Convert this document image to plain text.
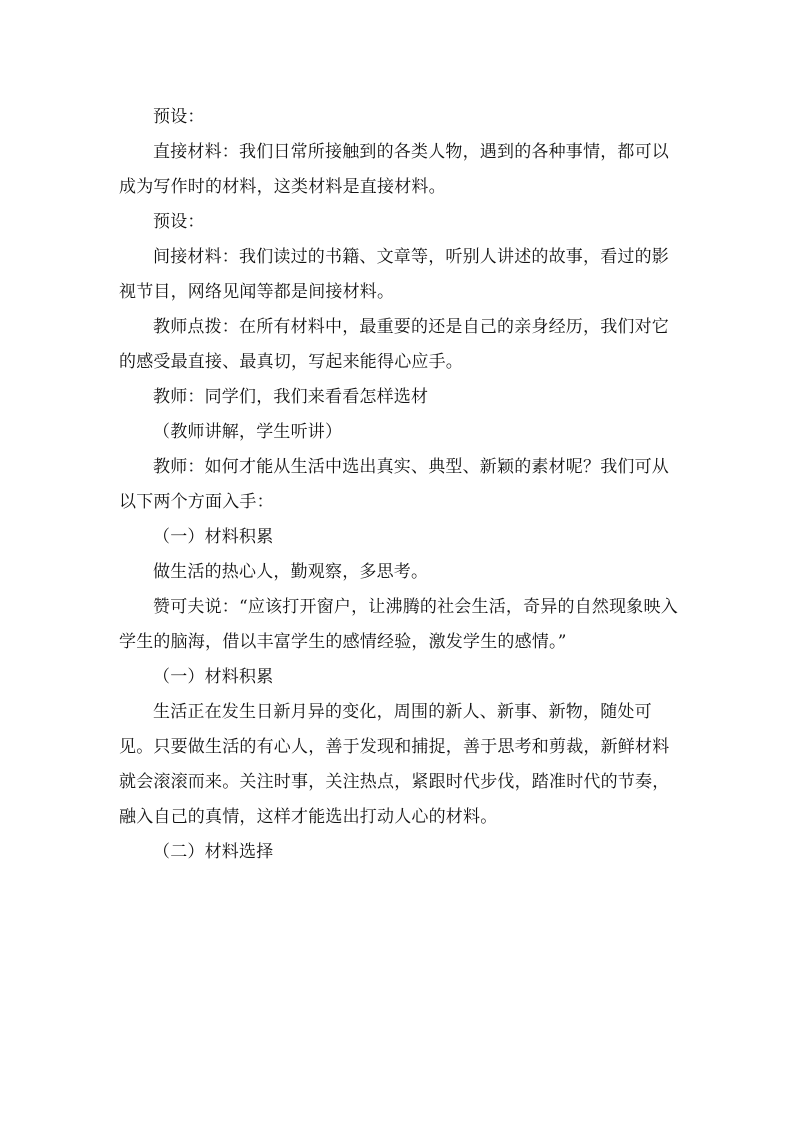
预设：

直接材料：我们日常所接触到的各类人物，遇到的各种事情，都可以成为写作时的材料，这类材料是直接材料。

预设：

间接材料：我们读过的书籍、文章等，听别人讲述的故事，看过的影视节目，网络见闻等都是间接材料。

教师点拨：在所有材料中，最重要的还是自己的亲身经历，我们对它的感受最直接、最真切，写起来能得心应手。

教师：同学们，我们来看看怎样选材

（教师讲解，学生听讲）

教师：如何才能从生活中选出真实、典型、新颖的素材呢？我们可从以下两个方面入手：

（一）材料积累

做生活的热心人，勤观察，多思考。

赞可夫说：“应该打开窗户，让沸腾的社会生活，奇异的自然现象映入学生的脑海，借以丰富学生的感情经验，激发学生的感情。”

（一）材料积累

生活正在发生日新月异的变化，周围的新人、新事、新物，随处可见。只要做生活的有心人，善于发现和捕捉，善于思考和剪裁，新鲜材料就会滚滚而来。关注时事，关注热点，紧跟时代步伐，踏准时代的节奏，融入自己的真情，这样才能选出打动人心的材料。

（二）材料选择
